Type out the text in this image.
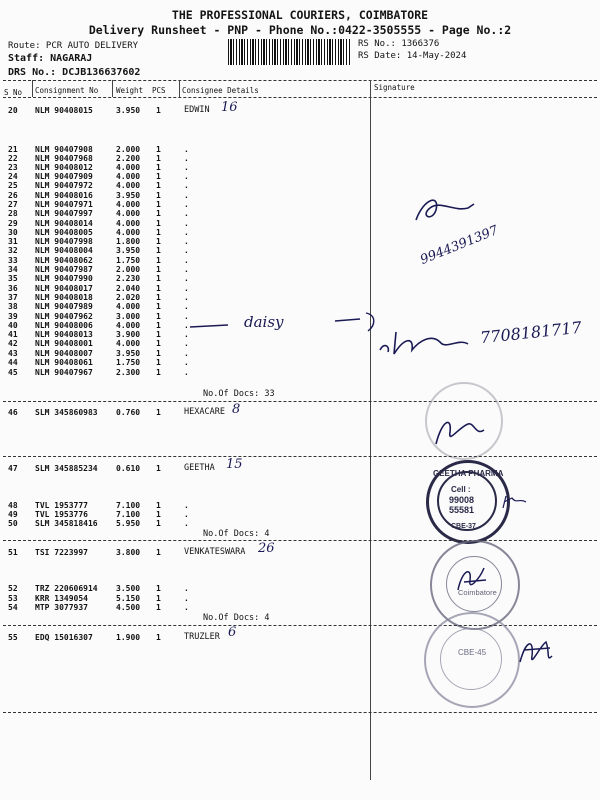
THE PROFESSIONAL COURIERS, COIMBATORE
Delivery Runsheet - PNP - Phone No.:0422-3505555 - Page No.:2
Route: PCR AUTO DELIVERY
Staff: NAGARAJ
DRS No.: DCJB136637602
RS No.: 1366376
RS Date: 14-May-2024
S No Consignment No Weight PCS Consignee Details	Signature
20 NLM 90408015	3.950 1	EDWIN 16
21 NLM 90407908	2.000 1	.
22 NLM 90407968	2.200 1	.
23 NLM 90408012	4.000 1	.
24 NLM 90407909	4.000 1	.
25 NLM 90407972	4.000 1	.
26 NLM 90408016	3.950 1	.
27 NLM 90407971	4.000 1	.
28 NLM 90407997	4.000 1	.
29 NLM 90408014	4.000 1	.
30 NLM 90408005	4.000 1	.
31 NLM 90407998	1.800 1	.
32 NLM 90408004	3.950 1	.
33 NLM 90408062	1.750 1	.
34 NLM 90407987	2.000 1	.
35 NLM 90407990	2.230 1	.
36 NLM 90408017	2.040 1	.
37 NLM 90408018	2.020 1	.
38 NLM 90407989	4.000 1	.
39 NLM 90407962	3.000 1	.
40 NLM 90408006	4.000 1	.
41 NLM 90408013	3.900 1	.
42 NLM 90408001	4.000 1	.
43 NLM 90408007	3.950 1	.
44 NLM 90408061	1.750 1	.
45 NLM 90407967	2.300 1	.
No.Of Docs: 33
9944391397
daisy	7708181717
46 SLM 345860983 0.760 1	HEXACARE 8
47 SLM 345885234 0.610 1	GEETHA 15
48 TVL 1953777	7.100 1	.
49 TVL 1953776	7.100 1	.
50 SLM 345818416 5.950 1	.
No.Of Docs: 4
GEETHA PHARMA
Cell :
99008
55581
CBE-37
51 TSI 7223997	3.800 1	VENKATESWARA 26
52 TRZ 220606914 3.500 1	.
53 KRR 1349054	5.150 1	.
54 MTP 3077937	4.500 1	.
No.Of Docs: 4
Coimbatore
55 EDQ 15016307	1.900 1	TRUZLER 6
CBE-45
